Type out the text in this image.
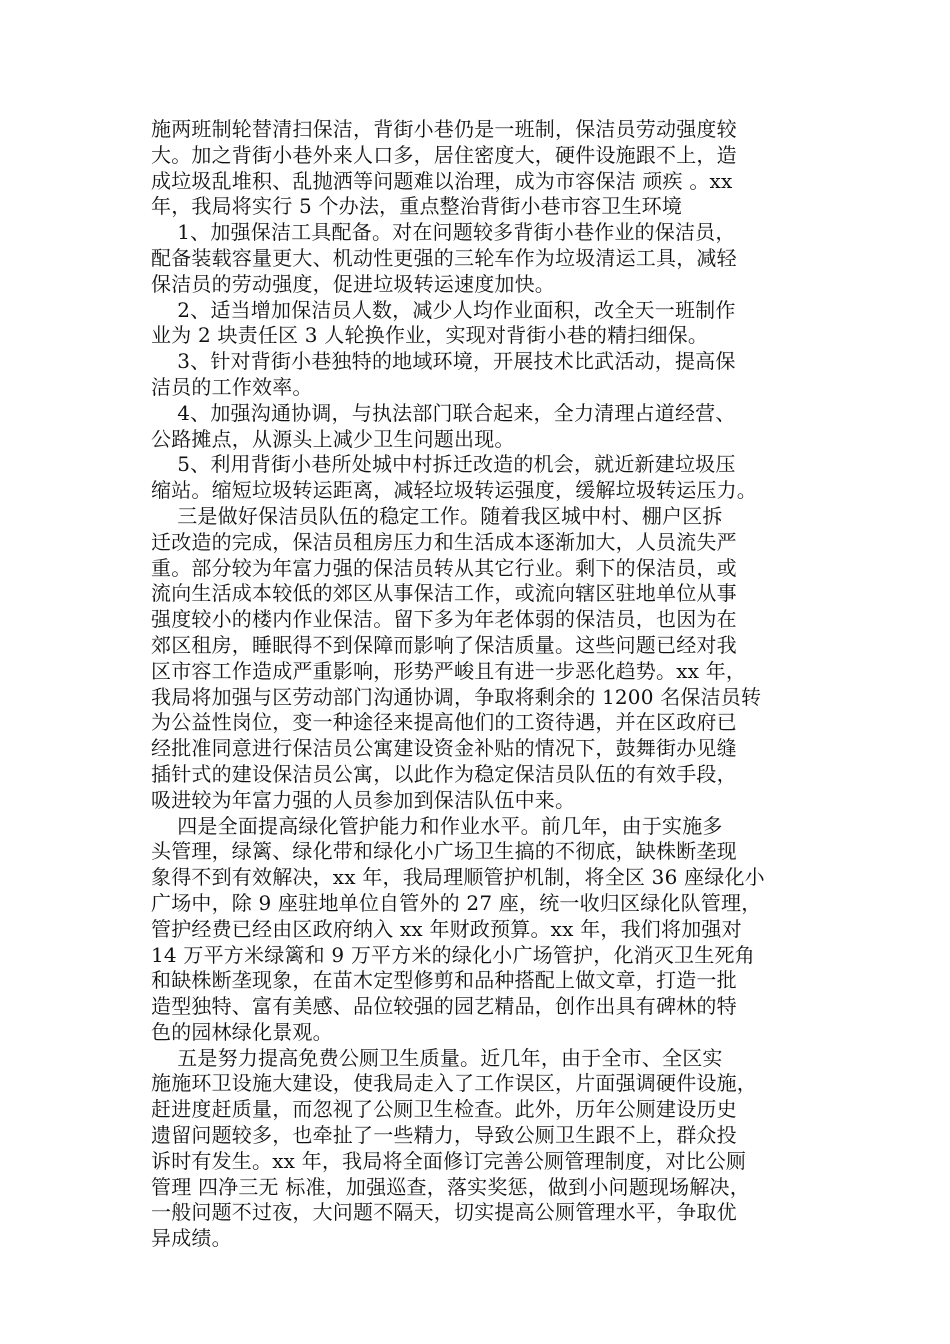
施两班制轮替清扫保洁，背街小巷仍是一班制，保洁员劳动强度较
大。加之背街小巷外来人口多，居住密度大，硬件设施跟不上，造
成垃圾乱堆积、乱抛洒等问题难以治理，成为市容保洁 顽疾 。xx
年，我局将实行 5 个办法，重点整治背街小巷市容卫生环境
1、加强保洁工具配备。对在问题较多背街小巷作业的保洁员，
配备装载容量更大、机动性更强的三轮车作为垃圾清运工具，减轻
保洁员的劳动强度，促进垃圾转运速度加快。
2、适当增加保洁员人数，减少人均作业面积，改全天一班制作
业为 2 块责任区 3 人轮换作业，实现对背街小巷的精扫细保。
3、针对背街小巷独特的地域环境，开展技术比武活动，提高保
洁员的工作效率。
4、加强沟通协调，与执法部门联合起来，全力清理占道经营、
公路摊点，从源头上减少卫生问题出现。
5、利用背街小巷所处城中村拆迁改造的机会，就近新建垃圾压
缩站。缩短垃圾转运距离，减轻垃圾转运强度，缓解垃圾转运压力。
三是做好保洁员队伍的稳定工作。随着我区城中村、棚户区拆
迁改造的完成，保洁员租房压力和生活成本逐渐加大，人员流失严
重。部分较为年富力强的保洁员转从其它行业。剩下的保洁员，或
流向生活成本较低的郊区从事保洁工作，或流向辖区驻地单位从事
强度较小的楼内作业保洁。留下多为年老体弱的保洁员，也因为在
郊区租房，睡眠得不到保障而影响了保洁质量。这些问题已经对我
区市容工作造成严重影响，形势严峻且有进一步恶化趋势。xx 年，
我局将加强与区劳动部门沟通协调，争取将剩余的 1200 名保洁员转
为公益性岗位，变一种途径来提高他们的工资待遇，并在区政府已
经批准同意进行保洁员公寓建设资金补贴的情况下，鼓舞街办见缝
插针式的建设保洁员公寓，以此作为稳定保洁员队伍的有效手段，
吸进较为年富力强的人员参加到保洁队伍中来。
四是全面提高绿化管护能力和作业水平。前几年，由于实施多
头管理，绿篱、绿化带和绿化小广场卫生搞的不彻底，缺株断垄现
象得不到有效解决，xx 年，我局理顺管护机制，将全区 36 座绿化小
广场中，除 9 座驻地单位自管外的 27 座，统一收归区绿化队管理，
管护经费已经由区政府纳入 xx 年财政预算。xx 年，我们将加强对
14 万平方米绿篱和 9 万平方米的绿化小广场管护，化消灭卫生死角
和缺株断垄现象，在苗木定型修剪和品种搭配上做文章，打造一批
造型独特、富有美感、品位较强的园艺精品，创作出具有碑林的特
色的园林绿化景观。
五是努力提高免费公厕卫生质量。近几年，由于全市、全区实
施施环卫设施大建设，使我局走入了工作误区，片面强调硬件设施，
赶进度赶质量，而忽视了公厕卫生检查。此外，历年公厕建设历史
遗留问题较多，也牵扯了一些精力，导致公厕卫生跟不上，群众投
诉时有发生。xx 年，我局将全面修订完善公厕管理制度，对比公厕
管理 四净三无 标准，加强巡查，落实奖惩，做到小问题现场解决，
一般问题不过夜，大问题不隔天，切实提高公厕管理水平，争取优
异成绩。
